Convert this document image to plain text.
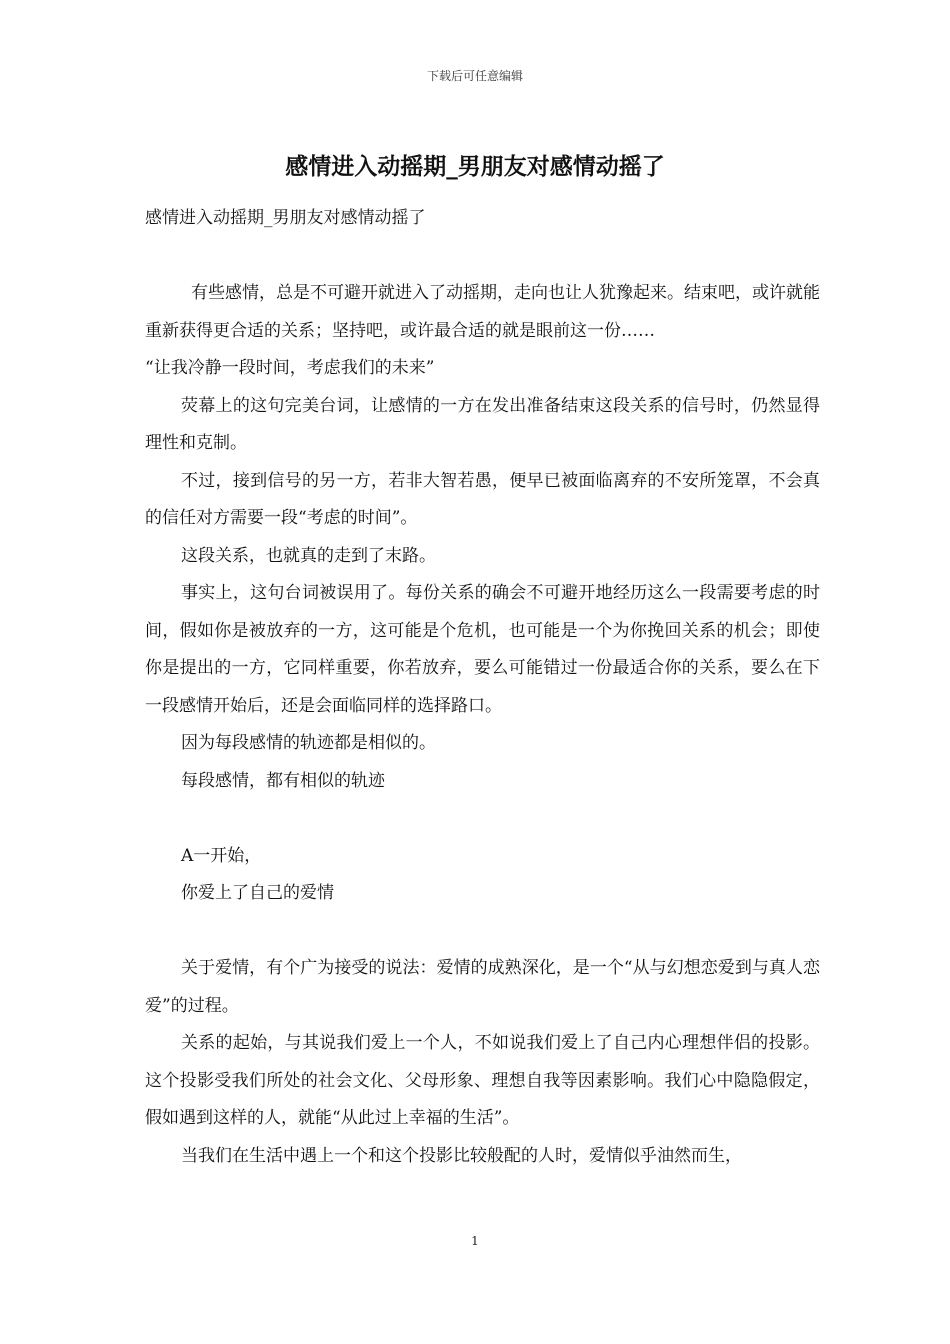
下载后可任意编辑
感情进入动摇期_男朋友对感情动摇了

感情进入动摇期_男朋友对感情动摇了

有些感情，总是不可避开就进入了动摇期，走向也让人犹豫起来。结束吧，或许就能重新获得更合适的关系；坚持吧，或许最合适的就是眼前这一份……

“让我冷静一段时间，考虑我们的未来”

荧幕上的这句完美台词，让感情的一方在发出准备结束这段关系的信号时，仍然显得理性和克制。

不过，接到信号的另一方，若非大智若愚，便早已被面临离弃的不安所笼罩，不会真的信任对方需要一段“考虑的时间”。

这段关系，也就真的走到了末路。

事实上，这句台词被误用了。每份关系的确会不可避开地经历这么一段需要考虑的时间，假如你是被放弃的一方，这可能是个危机，也可能是一个为你挽回关系的机会；即使你是提出的一方，它同样重要，你若放弃，要么可能错过一份最适合你的关系，要么在下一段感情开始后，还是会面临同样的选择路口。

因为每段感情的轨迹都是相似的。

每段感情，都有相似的轨迹

A一开始，

你爱上了自己的爱情

关于爱情，有个广为接受的说法：爱情的成熟深化，是一个“从与幻想恋爱到与真人恋爱”的过程。

关系的起始，与其说我们爱上一个人，不如说我们爱上了自己内心理想伴侣的投影。这个投影受我们所处的社会文化、父母形象、理想自我等因素影响。我们心中隐隐假定，假如遇到这样的人，就能“从此过上幸福的生活”。

当我们在生活中遇上一个和这个投影比较般配的人时，爱情似乎油然而生，

1
